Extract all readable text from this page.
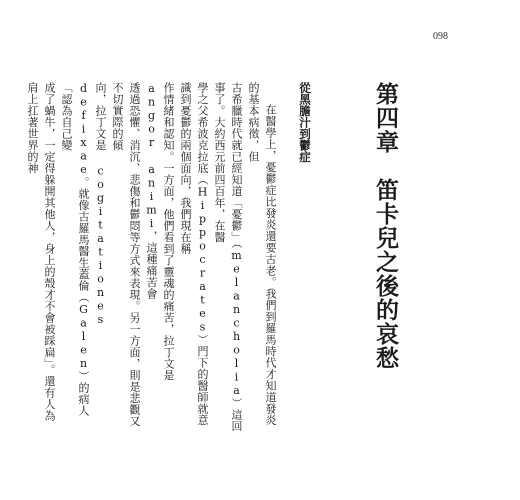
098
第四章　笛卡兒之後的哀愁
從黑膽汁到鬱症
在醫學上，憂鬱症比發炎還要古老。我們到羅馬時代才知道發炎的基本病徵，但
古希臘時代就已經知道「憂鬱」（melancholia）這回事了。大約西元前四百年，在醫
學之父希波克拉底（Hippocrates）門下的醫師就意識到憂鬱的兩個面向，我們現在稱
作情緒和認知。一方面，他們看到了靈魂的痛苦，拉丁文是 angor animi，這種痛苦會
透過恐懼、消沉、悲傷和鬱悶等方式來表現。另一方面，則是悲觀又不切實際的傾
向，拉丁文是 cogitationes defixae。就像古羅馬醫生蓋倫（Galen）的病人「認為自己變
成了蝸牛，一定得躲開其他人，身上的殼才不會被踩扁」。還有人為肩上扛著世界的神
